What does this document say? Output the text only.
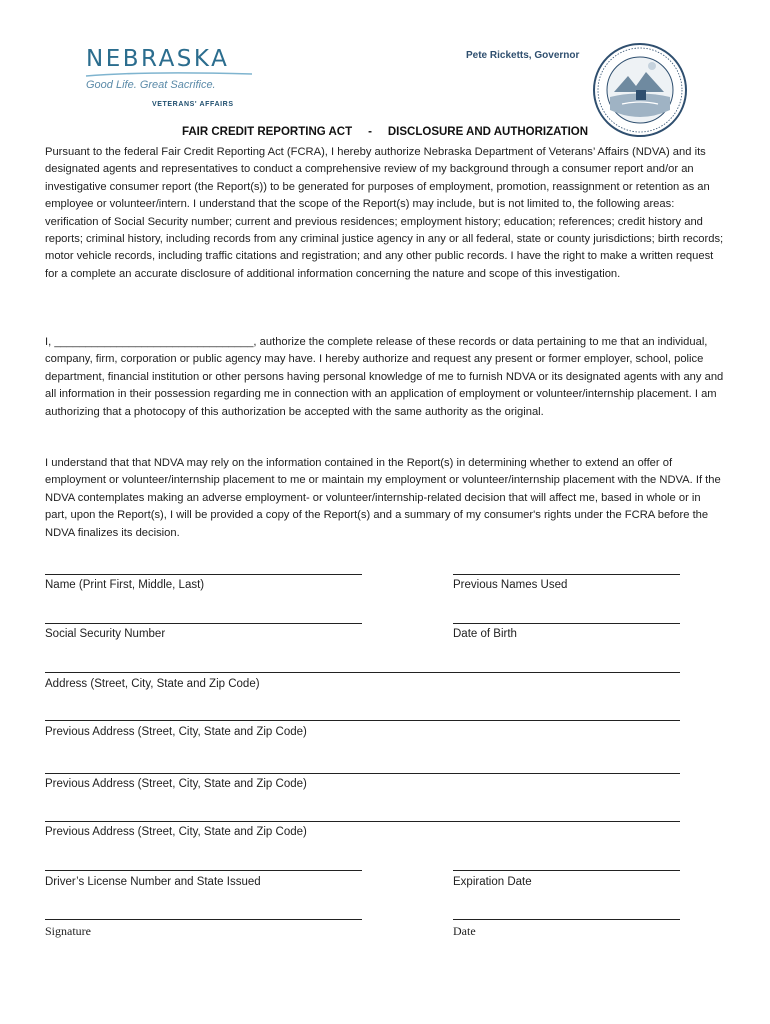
NEBRASKA
Good Life. Great Sacrifice.
VETERANS' AFFAIRS
Pete Ricketts, Governor
FAIR CREDIT REPORTING ACT     -     DISCLOSURE AND AUTHORIZATION

Pursuant to the federal Fair Credit Reporting Act (FCRA), I hereby authorize Nebraska Department of Veterans’ Affairs (NDVA) and its designated agents and representatives to conduct a comprehensive review of my background through a consumer report and/or an investigative consumer report (the Report(s)) to be generated for purposes of employment, promotion, reassignment or retention as an employee or volunteer/intern. I understand that the scope of the Report(s) may include, but is not limited to, the following areas: verification of Social Security number; current and previous residences; employment history; education; references; credit history and reports; criminal history, including records from any criminal justice agency in any or all federal, state or county jurisdictions; birth records; motor vehicle records, including traffic citations and registration; and any other public records. I have the right to make a written request for a complete an accurate disclosure of additional information concerning the nature and scope of this investigation.

I, ________________________________, authorize the complete release of these records or data pertaining to me that an individual, company, firm, corporation or public agency may have. I hereby authorize and request any present or former employer, school, police department, financial institution or other persons having personal knowledge of me to furnish NDVA or its designated agents with any and all information in their possession regarding me in connection with an application of employment or volunteer/internship placement. I am authorizing that a photocopy of this authorization be accepted with the same authority as the original.

I understand that that NDVA may rely on the information contained in the Report(s) in determining whether to extend an offer of employment or volunteer/internship placement to me or maintain my employment or volunteer/internship placement with the NDVA. If the NDVA contemplates making an adverse employment- or volunteer/internship-related decision that will affect me, based in whole or in part, upon the Report(s), I will be provided a copy of the Report(s) and a summary of my consumer's rights under the FCRA before the NDVA finalizes its decision.

Name (Print First, Middle, Last)	Previous Names Used
Social Security Number	Date of Birth
Address (Street, City, State and Zip Code)
Previous Address (Street, City, State and Zip Code)
Previous Address (Street, City, State and Zip Code)
Previous Address (Street, City, State and Zip Code)
Driver’s License Number and State Issued	Expiration Date
Signature	Date
